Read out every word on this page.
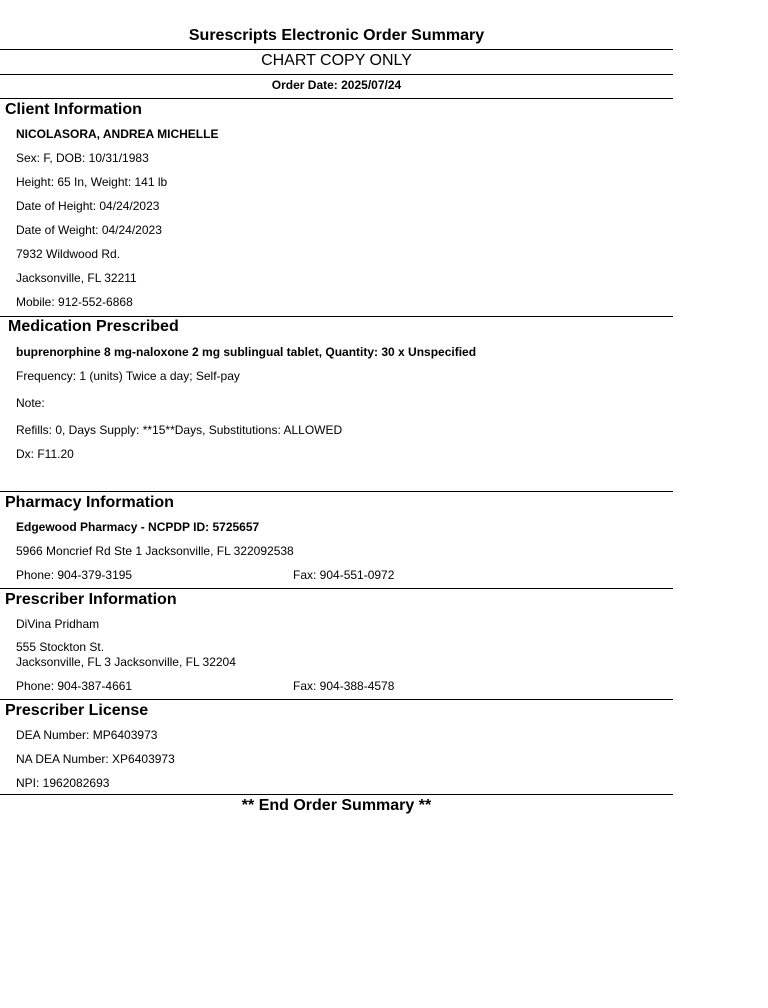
Surescripts Electronic Order Summary
CHART COPY ONLY
Order Date: 2025/07/24
Client Information
NICOLASORA, ANDREA MICHELLE
Sex: F, DOB: 10/31/1983
Height: 65 In, Weight: 141 lb
Date of Height: 04/24/2023
Date of Weight: 04/24/2023
7932 Wildwood Rd.
Jacksonville, FL 32211
Mobile: 912-552-6868
Medication Prescribed
buprenorphine 8 mg-naloxone 2 mg sublingual tablet, Quantity: 30 x Unspecified
Frequency: 1 (units) Twice a day; Self-pay
Note:
Refills: 0, Days Supply: **15**Days, Substitutions: ALLOWED
Dx: F11.20
Pharmacy Information
Edgewood Pharmacy - NCPDP ID: 5725657
5966 Moncrief Rd Ste 1 Jacksonville, FL 322092538
Phone: 904-379-3195	Fax: 904-551-0972
Prescriber Information
DiVina Pridham
555 Stockton St.
Jacksonville, FL 3 Jacksonville, FL 32204
Phone: 904-387-4661	Fax: 904-388-4578
Prescriber License
DEA Number: MP6403973
NA DEA Number: XP6403973
NPI: 1962082693
** End Order Summary **
